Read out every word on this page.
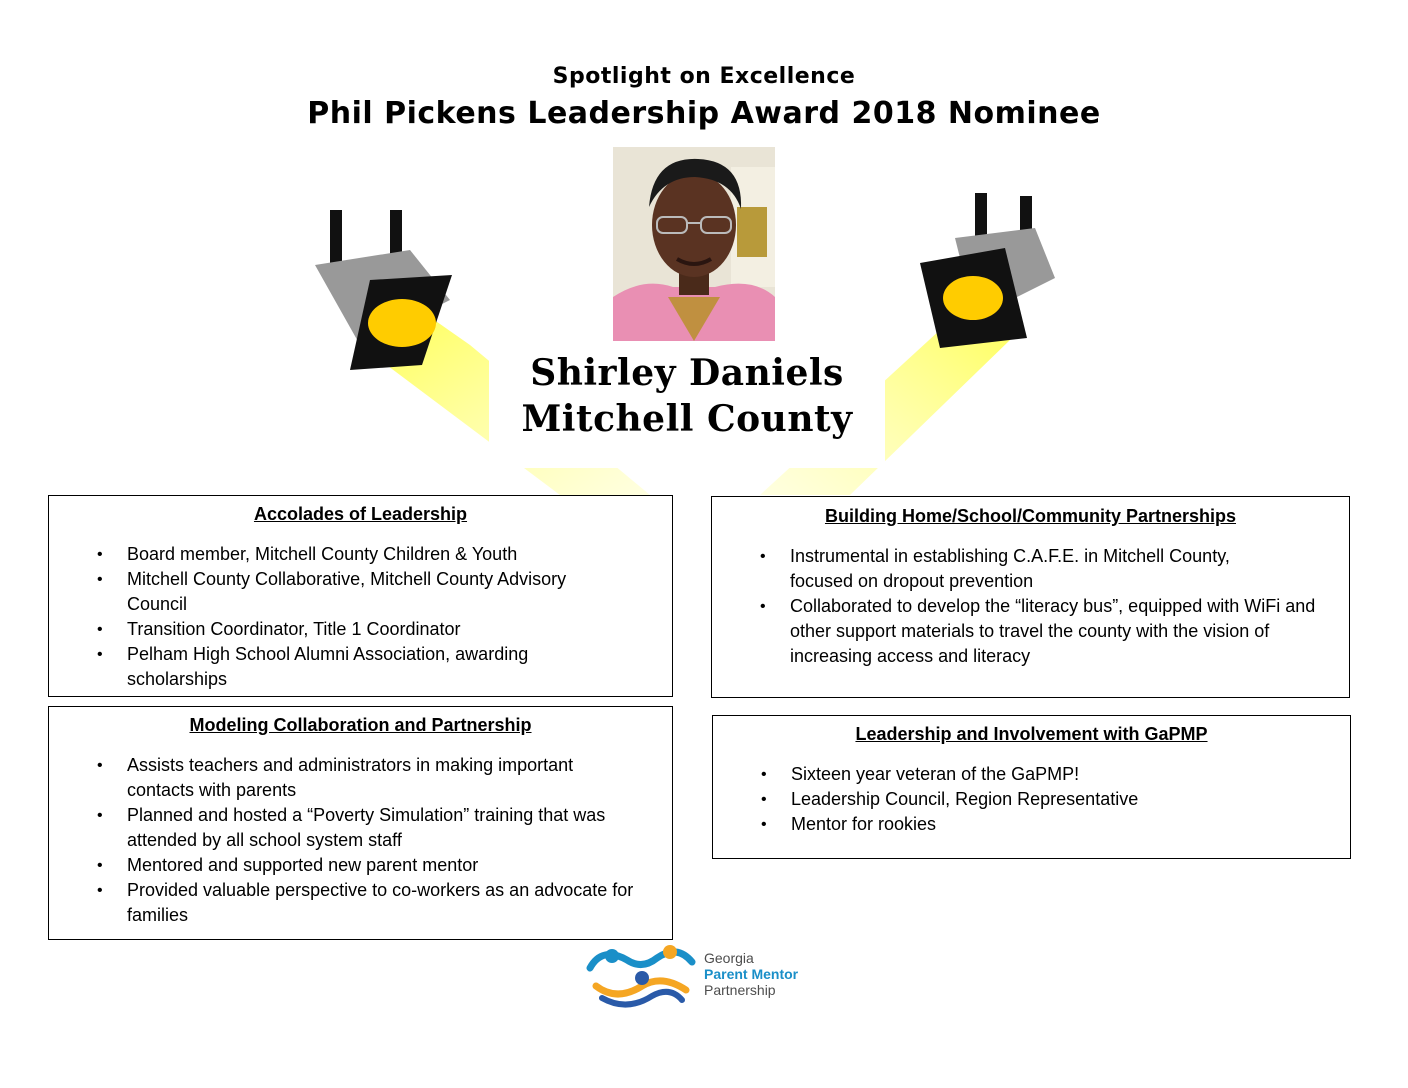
Spotlight on Excellence
Phil Pickens Leadership Award 2018 Nominee
Shirley Daniels
Mitchell County
Accolades of Leadership
• Board member, Mitchell County Children & Youth
• Mitchell County Collaborative, Mitchell County Advisory Council
• Transition Coordinator, Title 1 Coordinator
• Pelham High School Alumni Association, awarding scholarships
Building Home/School/Community Partnerships
• Instrumental in establishing C.A.F.E. in Mitchell County, focused on dropout prevention
• Collaborated to develop the “literacy bus”, equipped with WiFi and other support materials to travel the county with the vision of increasing access and literacy
Modeling Collaboration and Partnership
• Assists teachers and administrators in making important contacts with parents
• Planned and hosted a “Poverty Simulation” training that was attended by all school system staff
• Mentored and supported new parent mentor
• Provided valuable perspective to co-workers as an advocate for families
Leadership and Involvement with GaPMP
• Sixteen year veteran of the GaPMP!
• Leadership Council, Region Representative
• Mentor for rookies
Georgia
Parent Mentor
Partnership
